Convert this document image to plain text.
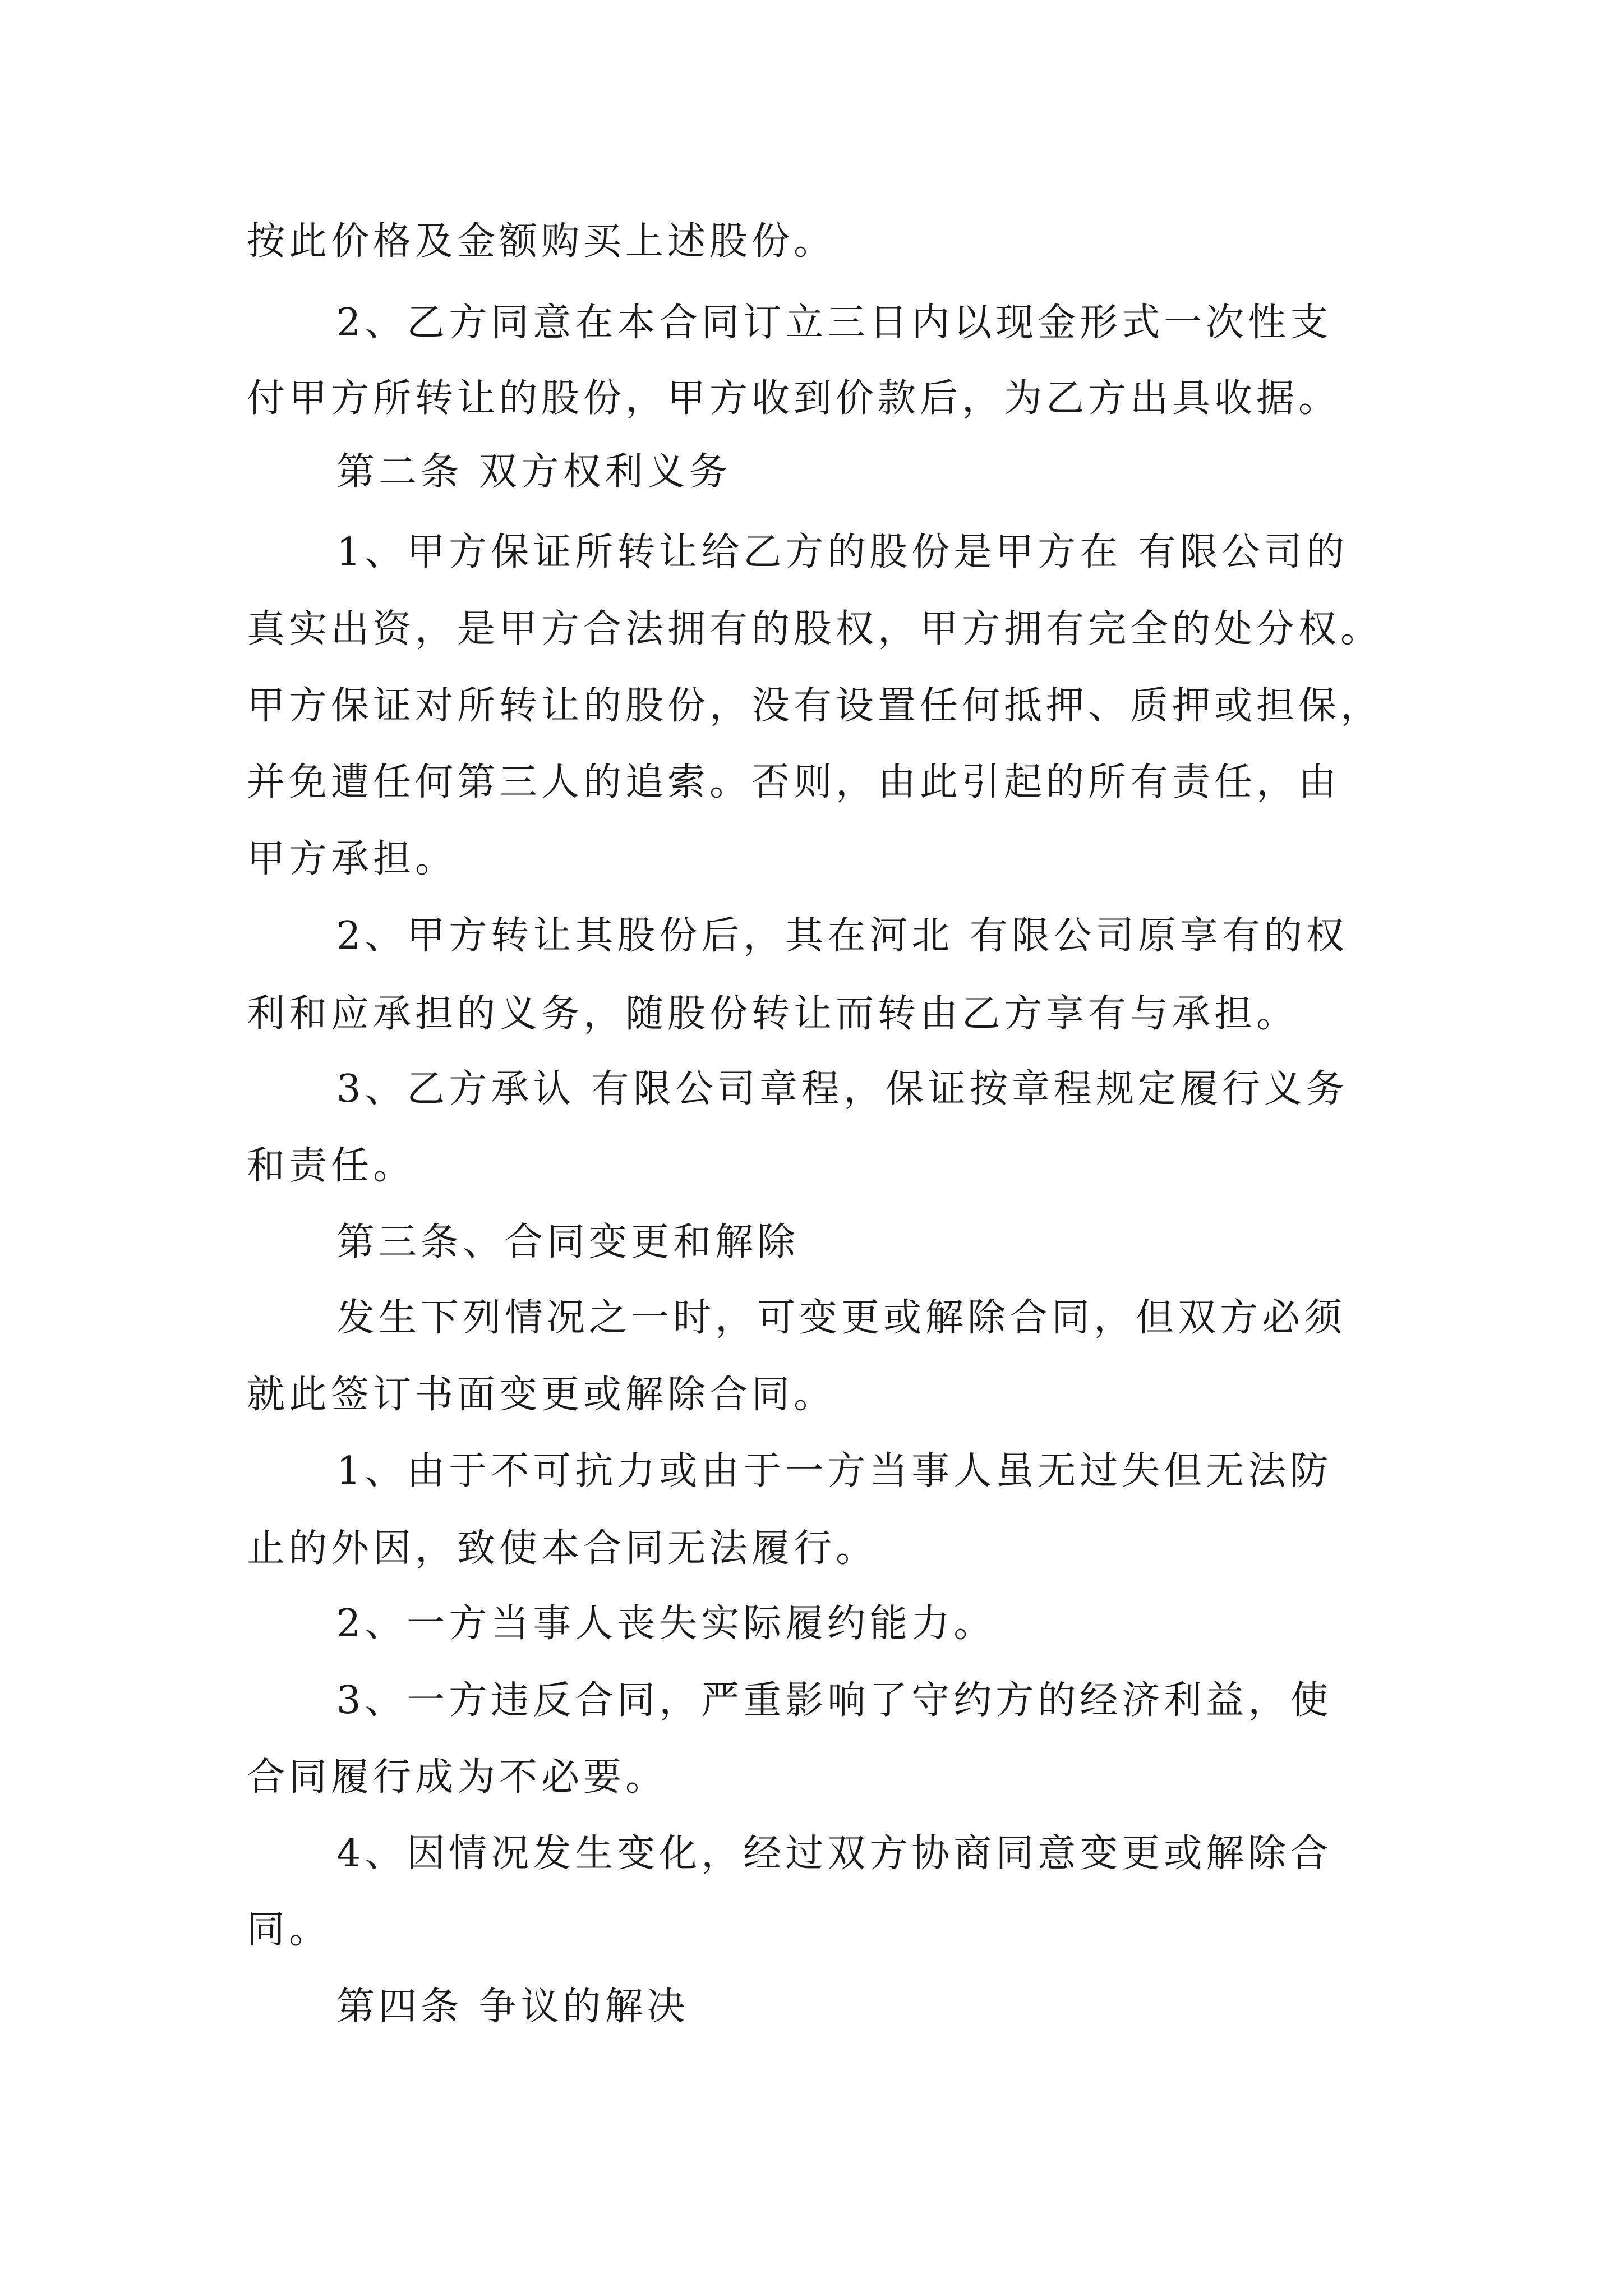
按此价格及金额购买上述股份。

2、乙方同意在本合同订立三日内以现金形式一次性支

付甲方所转让的股份，甲方收到价款后，为乙方出具收据。

第二条 双方权利义务

1、甲方保证所转让给乙方的股份是甲方在 有限公司的

真实出资，是甲方合法拥有的股权，甲方拥有完全的处分权。

甲方保证对所转让的股份，没有设置任何抵押、质押或担保，

并免遭任何第三人的追索。否则，由此引起的所有责任，由

甲方承担。

2、甲方转让其股份后，其在河北 有限公司原享有的权

利和应承担的义务，随股份转让而转由乙方享有与承担。

3、乙方承认 有限公司章程，保证按章程规定履行义务

和责任。

第三条、合同变更和解除

发生下列情况之一时，可变更或解除合同，但双方必须

就此签订书面变更或解除合同。

1、由于不可抗力或由于一方当事人虽无过失但无法防

止的外因，致使本合同无法履行。

2、一方当事人丧失实际履约能力。

3、一方违反合同，严重影响了守约方的经济利益，使

合同履行成为不必要。

4、因情况发生变化，经过双方协商同意变更或解除合

同。

第四条 争议的解决
